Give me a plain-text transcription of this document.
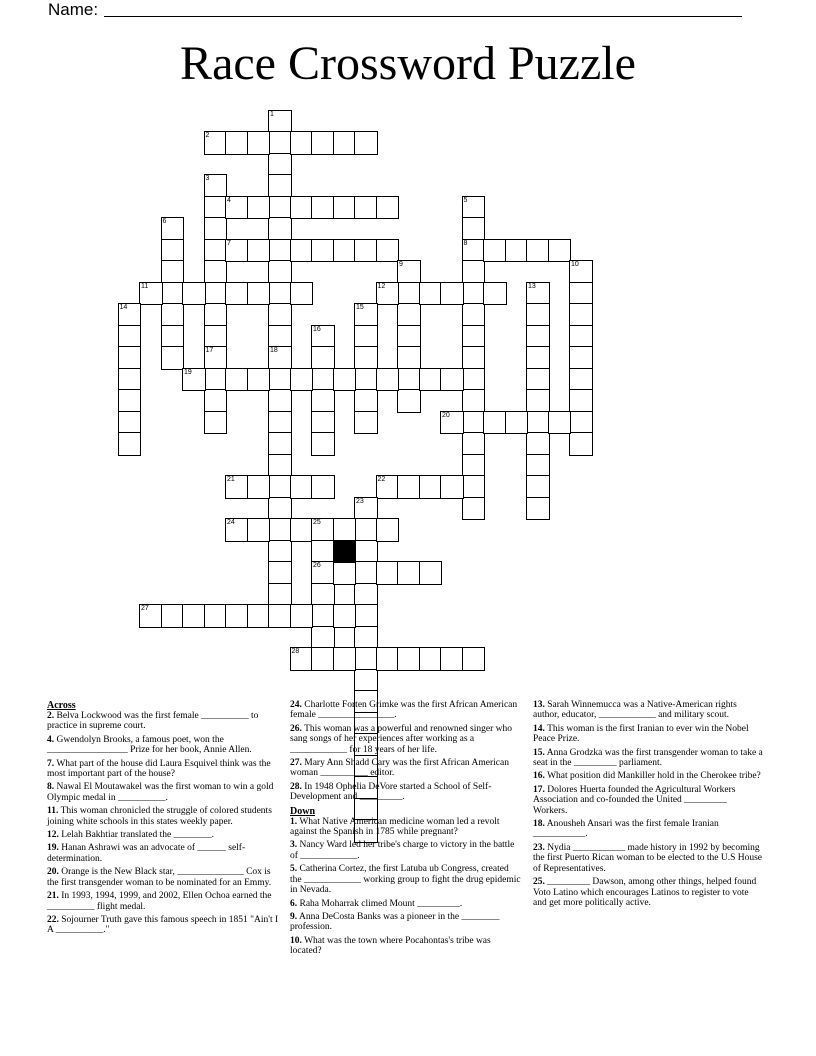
Name:
Race Crossword Puzzle
1
18
2
3
4	5
8
6
7
9	10
11	12	13
14	15
16
17
19
20
21	22
23
24	25
26
27
28
Across
2. Belva Lockwood was the first female __________ to practice in supreme court.
4. Gwendolyn Brooks, a famous poet, won the _________________ Prize for her book, Annie Allen.
7. What part of the house did Laura Esquivel think was the most important part of the house?
8. Nawal El Moutawakel was the first woman to win a gold Olympic medal in __________.
11. This woman chronicled the struggle of colored students joining white schools in this states weekly paper.
12. Lelah Bakhtiar translated the ________.
19. Hanan Ashrawi was an advocate of ______ self-determination.
20. Orange is the New Black star, ______________ Cox is the first transgender woman to be nominated for an Emmy.
21. In 1993, 1994, 1999, and 2002, Ellen Ochoa earned the __________ flight medal.
22. Sojourner Truth gave this famous speech in 1851 "Ain't I A __________."
24. Charlotte Forten Grimke was the first African American female ________________.
26. This woman was a powerful and renowned singer who sang songs of her experiences after working as a ____________ for 18 years of her life.
27. Mary Ann Shadd Cary was the first African American woman __________ editor.
28. In 1948 Ophelia DeVore started a School of Self-Development and _________.
Down
1. What Native American medicine woman led a revolt against the Spanish in 1785 while pregnant?
3. Nancy Ward led her tribe's charge to victory in the battle of ____________.
5. Catherina Cortez, the first Latuba ub Congress, created the ____________ working group to fight the drug epidemic in Nevada.
6. Raha Moharrak climed Mount _________.
9. Anna DeCosta Banks was a pioneer in the ________ profession.
10. What was the town where Pocahontas's tribe was located?
13. Sarah Winnemucca was a Native-American rights author, educator, ____________ and military scout.
14. This woman is the first Iranian to ever win the Nobel Peace Prize.
15. Anna Grodzka was the first transgender woman to take a seat in the _________ parliament.
16. What position did Mankiller hold in the Cherokee tribe?
17. Dolores Huerta founded the Agricultural Workers Association and co-founded the United _________ Workers.
18. Anousheh Ansari was the first female Iranian ___________.
23. Nydia ___________ made history in 1992 by becoming the first Puerto Rican woman to be elected to the U.S House of Representatives.
25. _________ Dawson, among other things, helped found Voto Latino which encourages Latinos to register to vote and get more politically active.
